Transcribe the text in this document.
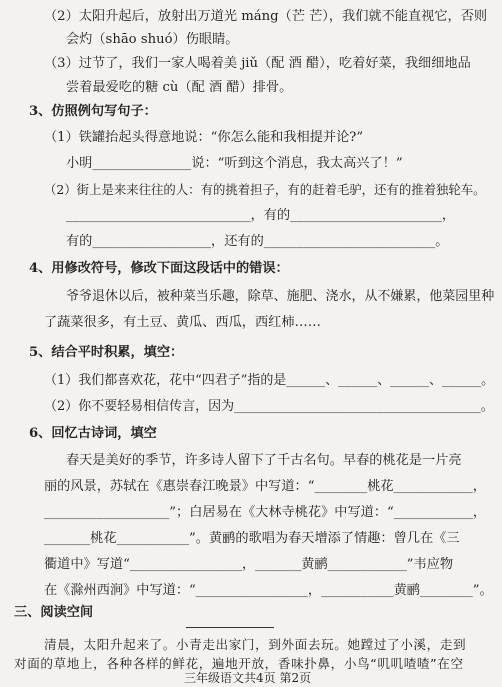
（2）太阳升起后，放射出万道光 máng（芒 芒），我们就不能直视它，否则
会灼（shāo shuó）伤眼睛。
（3）过节了，我们一家人喝着美 jiǔ（配 酒 醋），吃着好菜，我细细地品
尝着最爱吃的糖 cù（配 酒 醋）排骨。
3、仿照例句写句子：
（1）铁罐抬起头得意地说：“你怎么能和我相提并论?”
小明_______________说：“听到这个消息，我太高兴了！”
（2）街上是来来往往的人：有的挑着担子，有的赶着毛驴，还有的推着独轮车。
____________________________，有的_______________________，
有的__________________，还有的__________________________。
4、用修改符号，修改下面这段话中的错误：
爷爷退休以后，被种菜当乐趣，除草、施肥、浇水，从不嫌累，他菜园里种
了蔬菜很多，有土豆、黄瓜、西瓜，西红柿……
5、结合平时积累，填空：
（1）我们都喜欢花，花中“四君子”指的是______、______、______、______。
（2）你不要轻易相信传言，因为______________________________________。
6、回忆古诗词，填空
春天是美好的季节，许多诗人留下了千古名句。早春的桃花是一片亮
丽的风景，苏轼在《惠崇春江晚景》中写道：“________桃花____________，
___________________”；白居易在《大林寺桃花》中写道：“____________，
_______桃花___________”。黄鹂的歌唱为春天增添了情趣：曾几在《三
衢道中》写道“_________________，_______黄鹂____________”韦应物
在《滁州西涧》中写道：“_________________，___________黄鹂________”。
三、阅读空间
清晨，太阳升起来了。小青走出家门，到外面去玩。她蹚过了小溪，走到
对面的草地上，各种各样的鲜花，遍地开放，香味扑鼻，小鸟“叽叽喳喳”在空
三年级语文共4页 第2页
